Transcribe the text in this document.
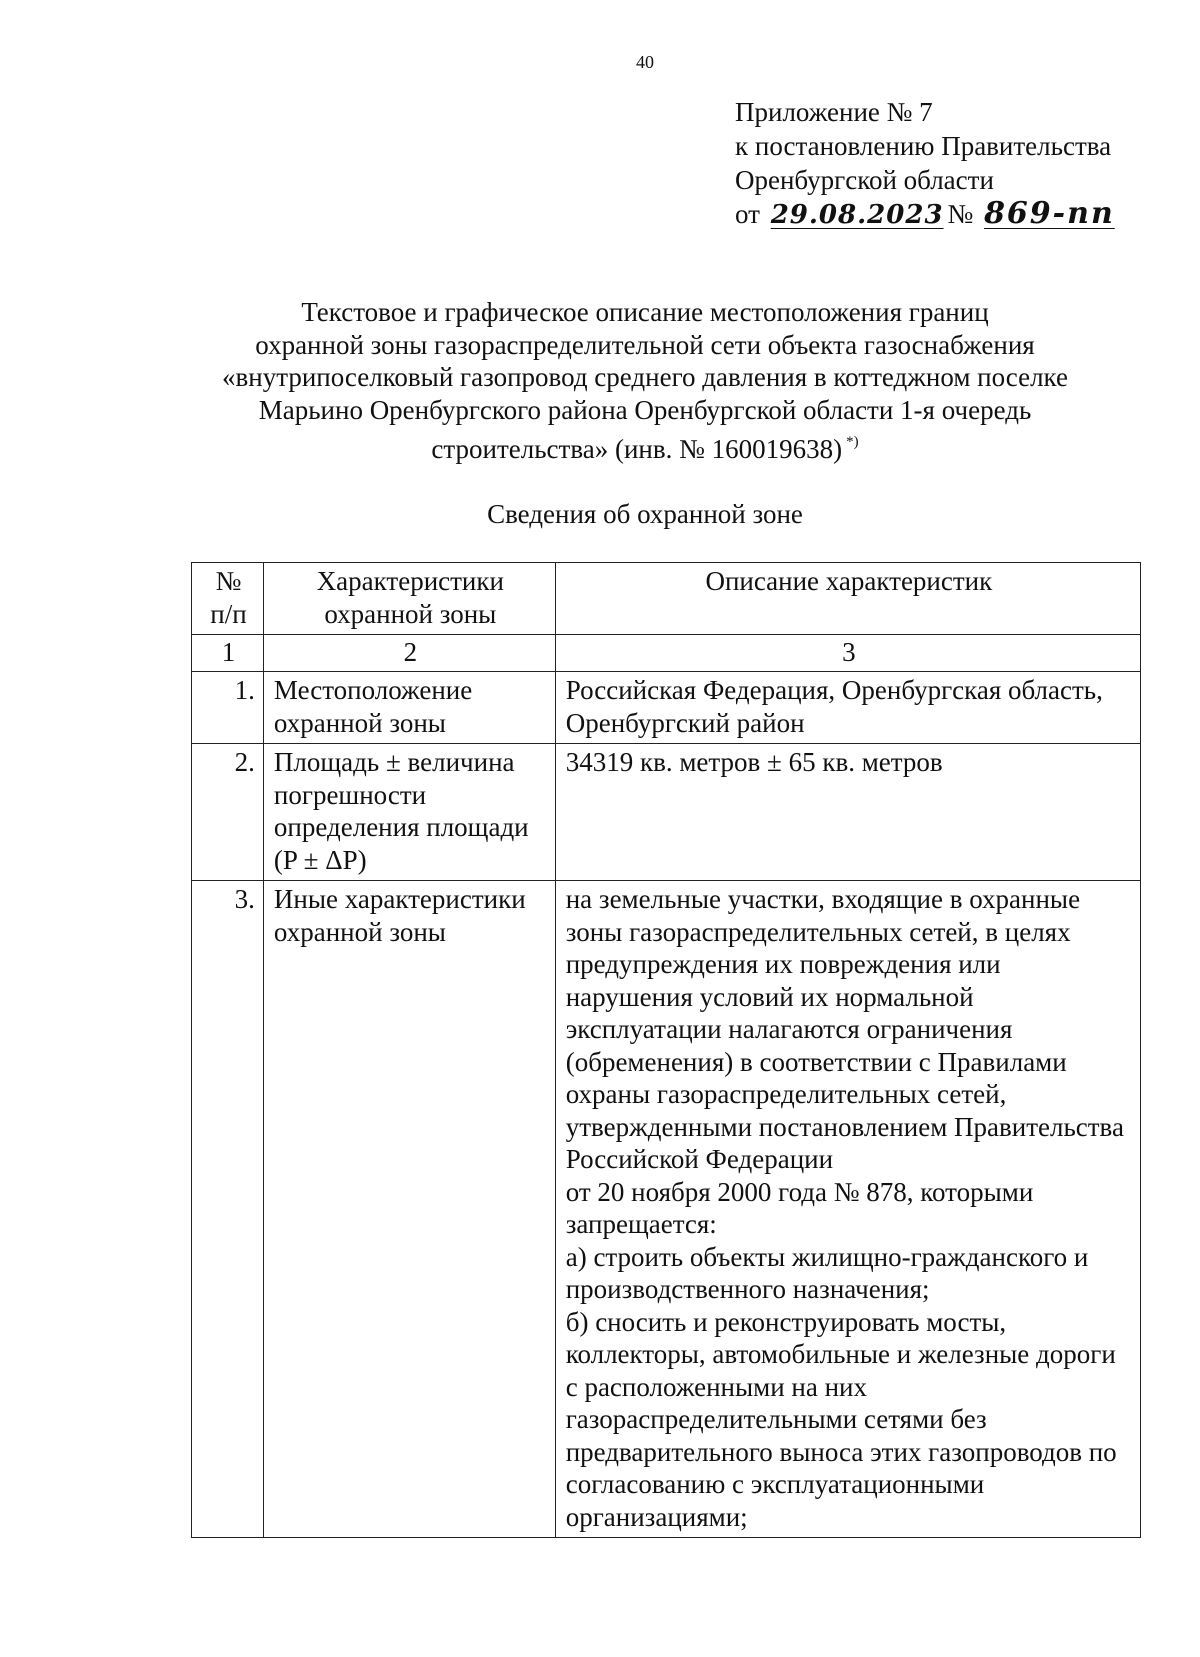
40
Приложение № 7
к постановлению Правительства
Оренбургской области
от 29.08.2023 № 869-пп
Текстовое и графическое описание местоположения границ
охранной зоны газораспределительной сети объекта газоснабжения
«внутрипоселковый газопровод среднего давления в коттеджном поселке
Марьино Оренбургского района Оренбургской области 1-я очередь
строительства» (инв. № 160019638) *)
Сведения об охранной зоне
№ п/п	Характеристики охранной зоны	Описание характеристик
1	2	3
1.	Местоположение охранной зоны	Российская Федерация, Оренбургская область, Оренбургский район
2.	Площадь ± величина погрешности определения площади (P ± ΔP)	34319 кв. метров ± 65 кв. метров
3.	Иные характеристики охранной зоны	на земельные участки, входящие в охранные зоны газораспределительных сетей, в целях предупреждения их повреждения или нарушения условий их нормальной эксплуатации налагаются ограничения (обременения) в соответствии с Правилами охраны газораспределительных сетей, утвержденными постановлением Правительства Российской Федерации
от 20 ноября 2000 года № 878, которыми запрещается:
а) строить объекты жилищно-гражданского и производственного назначения;
б) сносить и реконструировать мосты, коллекторы, автомобильные и железные дороги с расположенными на них газораспределительными сетями без предварительного выноса этих газопроводов по согласованию с эксплуатационными организациями;
